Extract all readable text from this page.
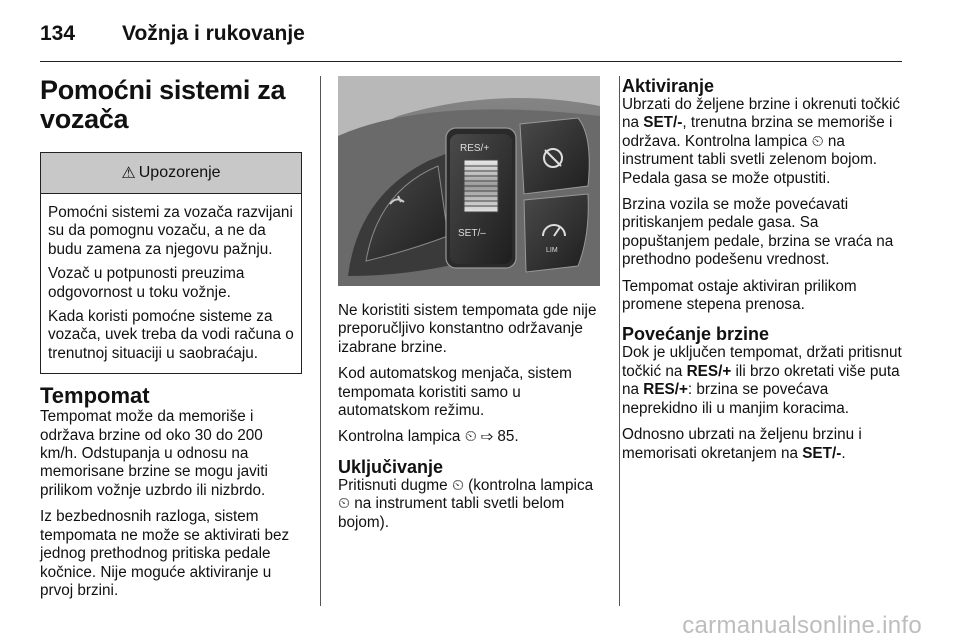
134 Vožnja i rukovanje
Pomoćni sistemi za vozača
⚠ Upozorenje

Pomoćni sistemi za vozača razvijani su da pomognu vozaču, a ne da budu zamena za njegovu pažnju.

Vozač u potpunosti preuzima odgovornost u toku vožnje.

Kada koristi pomoćne sisteme za vozača, uvek treba da vodi računa o trenutnoj situaciji u saobraćaju.

Tempomat

Tempomat može da memoriše i održava brzine od oko 30 do 200 km/h. Odstupanja u odnosu na memorisane brzine se mogu javiti prilikom vožnje uzbrdo ili nizbrdo.

Iz bezbednosnih razloga, sistem tempomata ne može se aktivirati bez jednog prethodnog pritiska pedale kočnice. Nije moguće aktiviranje u prvoj brzini.

RES/+
SET/–
LIM

Ne koristiti sistem tempomata gde nije preporučljivo konstantno održavanje izabrane brzine.

Kod automatskog menjača, sistem tempomata koristiti samo u automatskom režimu.

Kontrolna lampica ⏲ ⇨ 85.

Uključivanje

Pritisnuti dugme ⏲ (kontrolna lampica ⏲ na instrument tabli svetli belom bojom).

Aktiviranje

Ubrzati do željene brzine i okrenuti točkić na SET/-, trenutna brzina se memoriše i održava. Kontrolna lampica ⏲ na instrument tabli svetli zelenom bojom. Pedala gasa se može otpustiti.

Brzina vozila se može povećavati pritiskanjem pedale gasa. Sa popuštanjem pedale, brzina se vraća na prethodno podešenu vrednost.

Tempomat ostaje aktiviran prilikom promene stepena prenosa.

Povećanje brzine

Dok je uključen tempomat, držati pritisnut točkić na RES/+ ili brzo okretati više puta na RES/+: brzina se povećava neprekidno ili u manjim koracima.

Odnosno ubrzati na željenu brzinu i memorisati okretanjem na SET/-.

carmanualsonline.info
